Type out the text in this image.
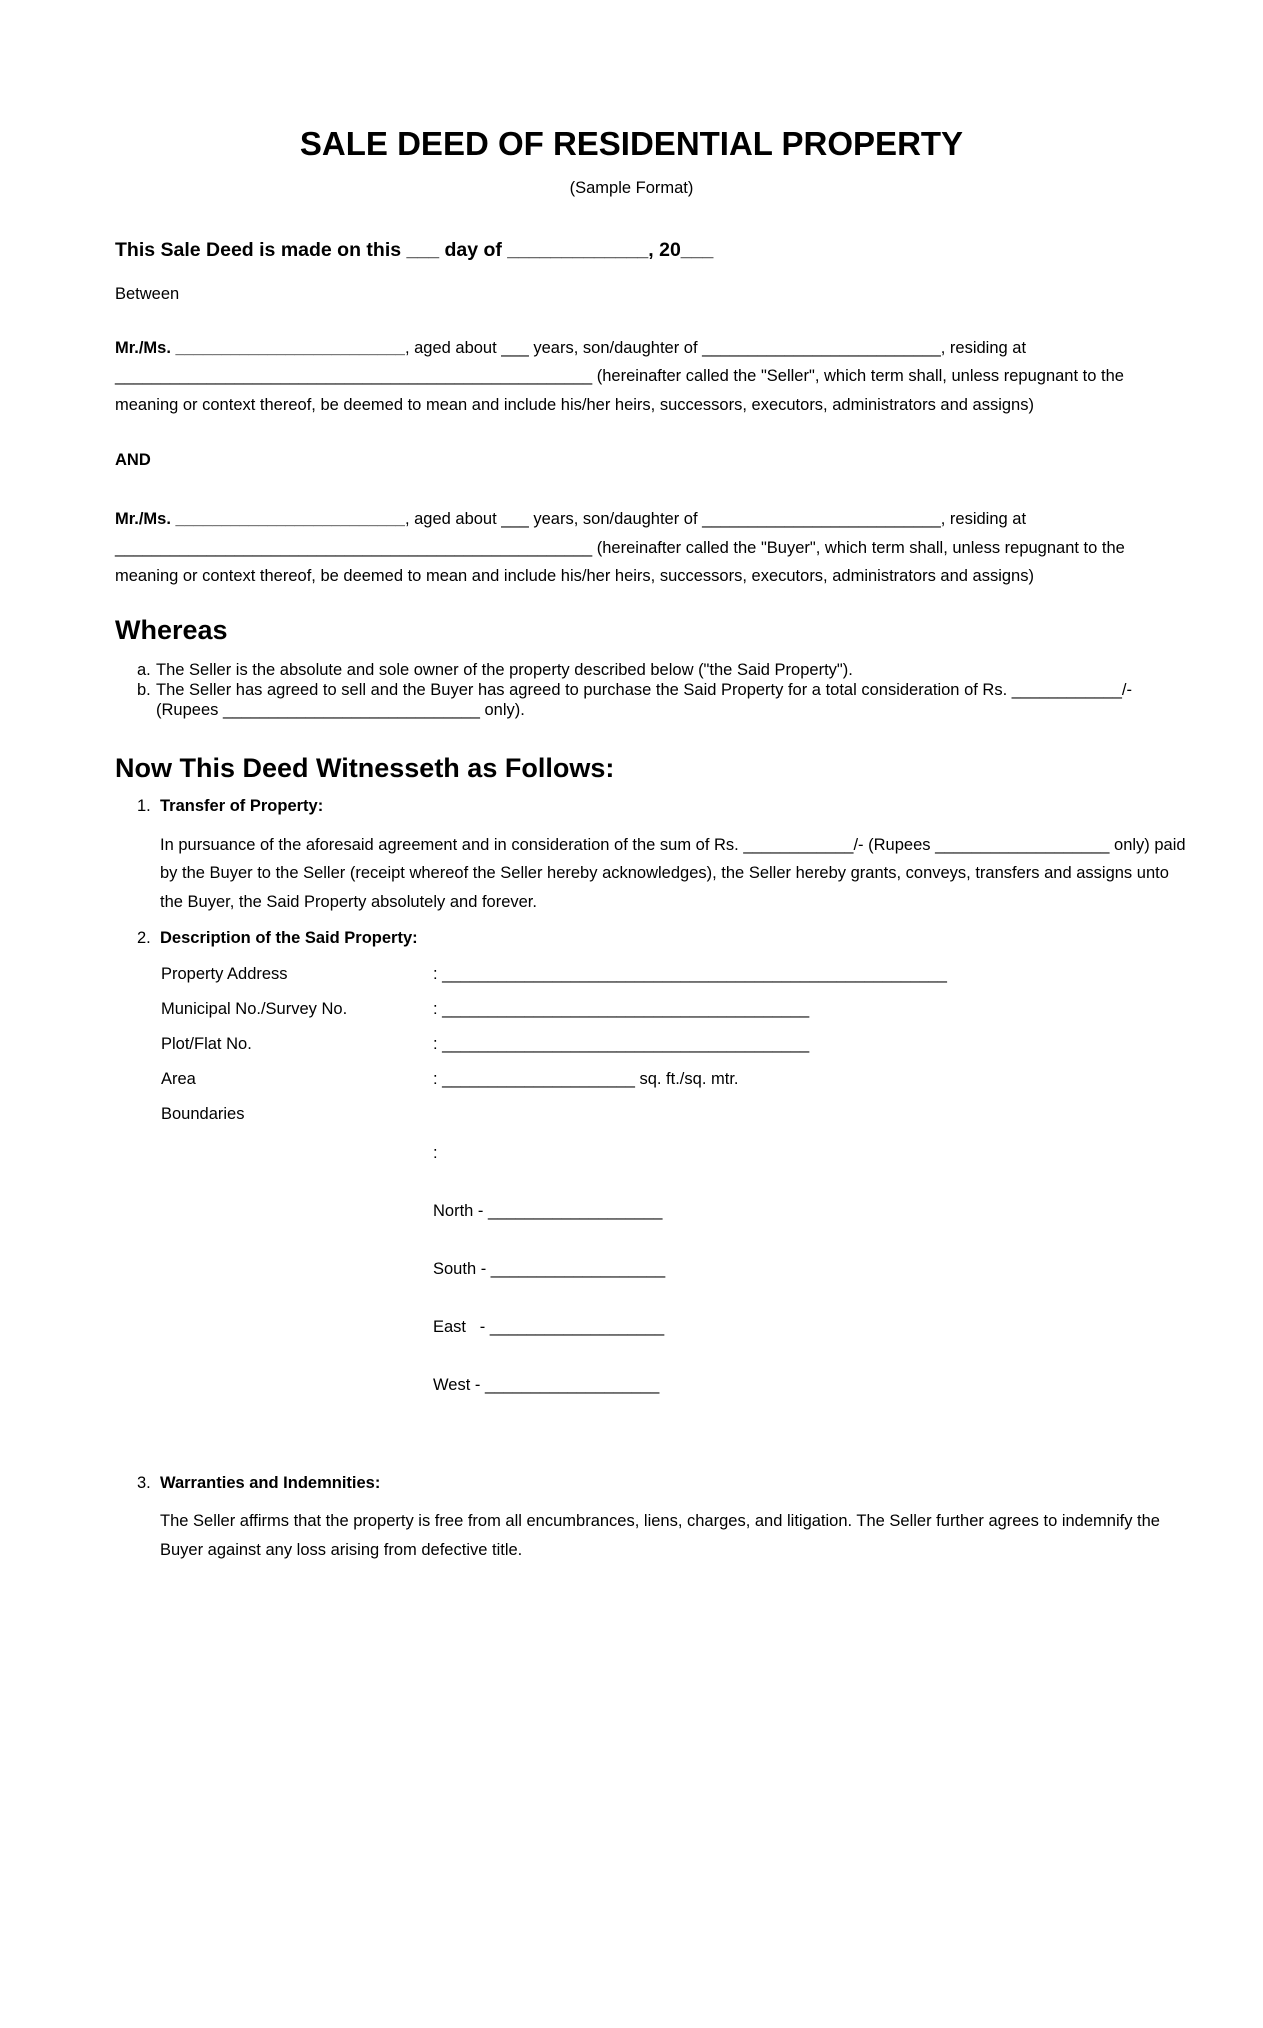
SALE DEED OF RESIDENTIAL PROPERTY
(Sample Format)
This Sale Deed is made on this ___ day of _____________, 20___
Between
Mr./Ms. _________________________, aged about ___ years, son/daughter of __________________________, residing at
____________________________________________________ (hereinafter called the "Seller", which term shall, unless repugnant to the
meaning or context thereof, be deemed to mean and include his/her heirs, successors, executors, administrators and assigns)
AND
Mr./Ms. _________________________, aged about ___ years, son/daughter of __________________________, residing at
____________________________________________________ (hereinafter called the "Buyer", which term shall, unless repugnant to the
meaning or context thereof, be deemed to mean and include his/her heirs, successors, executors, administrators and assigns)
Whereas
a. The Seller is the absolute and sole owner of the property described below ("the Said Property").
b. The Seller has agreed to sell and the Buyer has agreed to purchase the Said Property for a total consideration of Rs. ____________/-
(Rupees ____________________________ only).
Now This Deed Witnesseth as Follows:
1. Transfer of Property:
In pursuance of the aforesaid agreement and in consideration of the sum of Rs. ____________/- (Rupees ___________________ only) paid
by the Buyer to the Seller (receipt whereof the Seller hereby acknowledges), the Seller hereby grants, conveys, transfers and assigns unto
the Buyer, the Said Property absolutely and forever.
2. Description of the Said Property:
Property Address	: _______________________________________________________
Municipal No./Survey No.	: ________________________________________
Plot/Flat No.	: ________________________________________
Area	: _____________________ sq. ft./sq. mtr.
Boundaries

:

North - ___________________

South - ___________________

East   - ___________________

West - ___________________

3. Warranties and Indemnities:
The Seller affirms that the property is free from all encumbrances, liens, charges, and litigation. The Seller further agrees to indemnify the
Buyer against any loss arising from defective title.
